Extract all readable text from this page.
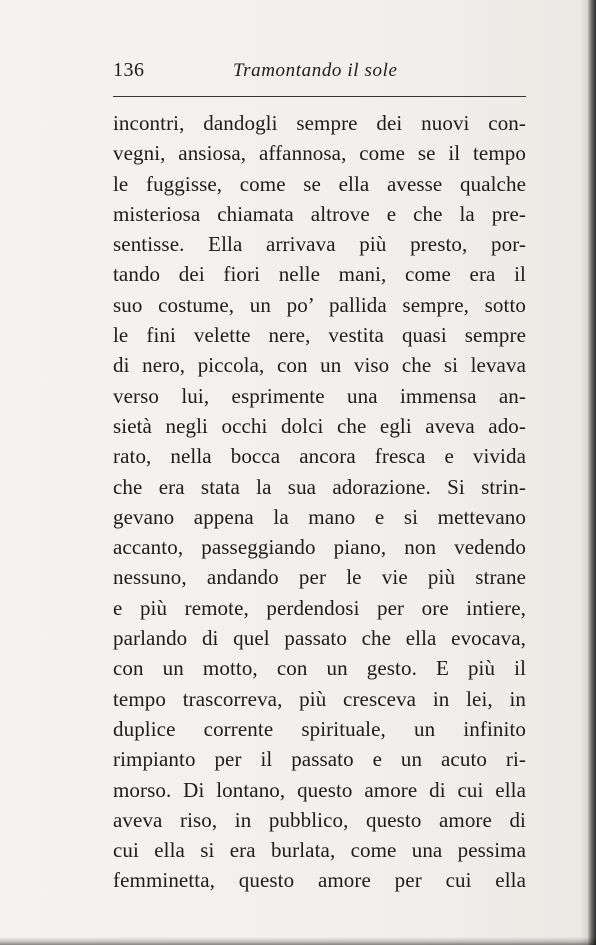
136	Tramontando il sole
incontri, dandogli sempre dei nuovi con-
vegni, ansiosa, affannosa, come se il tempo
le fuggisse, come se ella avesse qualche
misteriosa chiamata altrove e che la pre-
sentisse. Ella arrivava più presto, por-
tando dei fiori nelle mani, come era il
suo costume, un po’ pallida sempre, sotto
le fini velette nere, vestita quasi sempre
di nero, piccola, con un viso che si levava
verso lui, esprimente una immensa an-
sietà negli occhi dolci che egli aveva ado-
rato, nella bocca ancora fresca e vivida
che era stata la sua adorazione. Si strin-
gevano appena la mano e si mettevano
accanto, passeggiando piano, non vedendo
nessuno, andando per le vie più strane
e più remote, perdendosi per ore intiere,
parlando di quel passato che ella evocava,
con un motto, con un gesto. E più il
tempo trascorreva, più cresceva in lei, in
duplice corrente spirituale, un infinito
rimpianto per il passato e un acuto ri-
morso. Di lontano, questo amore di cui ella
aveva riso, in pubblico, questo amore di
cui ella si era burlata, come una pessima
femminetta, questo amore per cui ella
